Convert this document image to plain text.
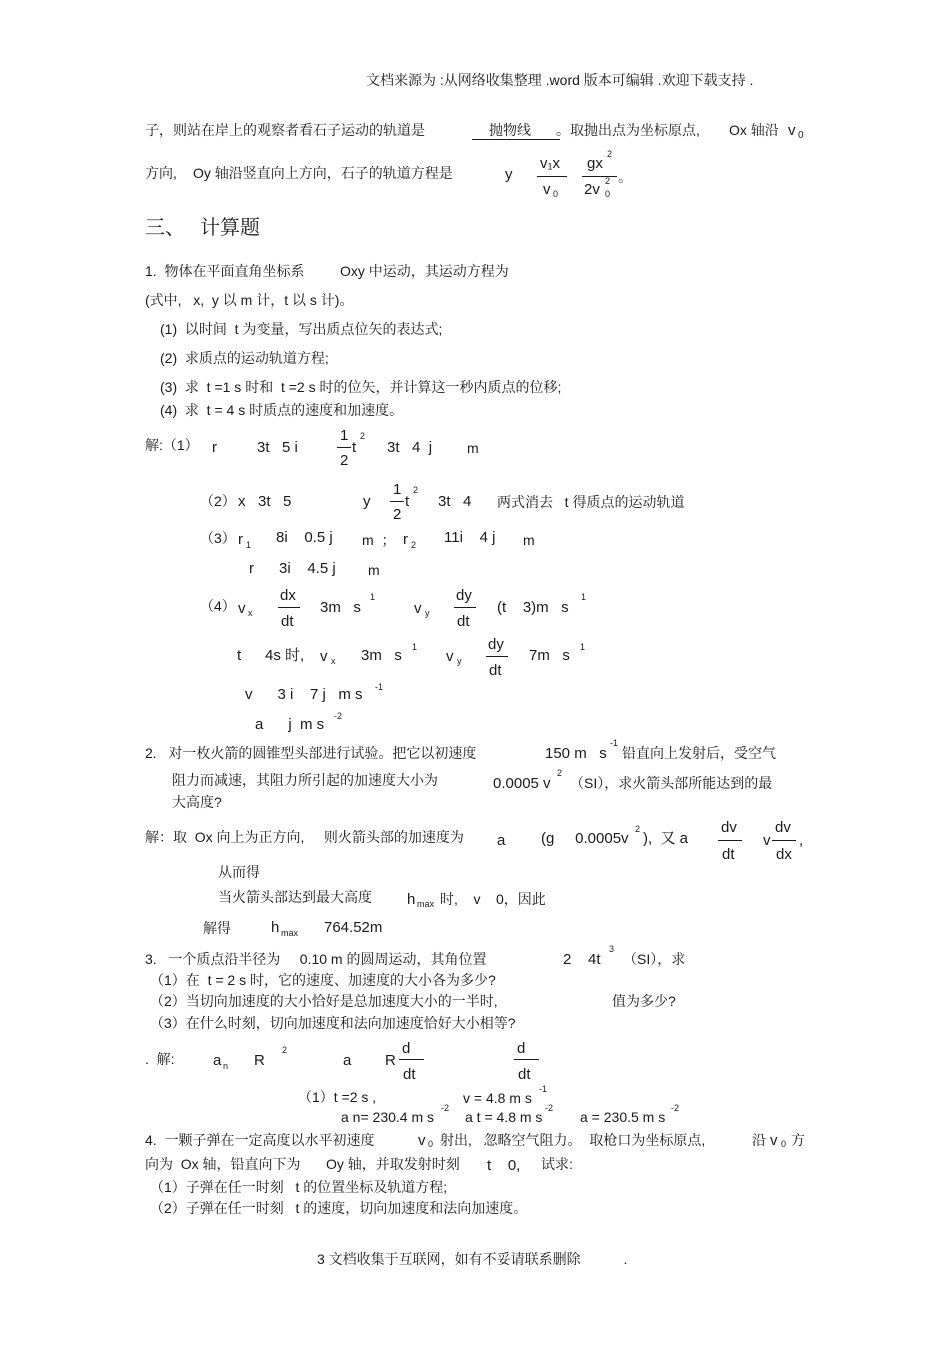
文档来源为 :从网络收集整理 .word 版本可编辑 .欢迎下载支持 .
子，则站在岸上的观察者看石子运动的轨道是	抛物线 。取抛出点为坐标原点, Ox 轴沿 v 0
方向, Oy 轴沿竖直向上方向，石子的轨道方程是	y
v₁x
v 0
gx
2
2v 0
2 。
三、 计算题
1.  物体在平面直角坐标系	Oxy 中运动，其运动方程为
(式中,   x,  y 以 m 计，t 以 s 计)。
(1)  以时间  t 为变量，写出质点位矢的表达式;
(2)  求质点的运动轨道方程;
(3)  求  t =1 s 时和  t =2 s 时的位矢，并计算这一秒内质点的位移;
(4)  求  t = 4 s 时质点的速度和加速度。
解:（1） r	3t   5 i
1
2
t
2
3t   4  j m
（2） x   3t   5	y
1
2
t
2
3t   4 两式消去   t 得质点的运动轨道
（3） r 1 8i    0.5 j m  ； r 2 11i    4 j m
r      3i    4.5 j m
（4） v x
dx
dt
3m   s
1
v y
dy
dt
(t    3)m   s
1
t 4s 时, v x 3m   s 1
v y
dy
dt
7m   s 1
v      3 i    7 j   m s -1
a      j  m s -2
2.   对一枚火箭的圆锥型头部进行试验。把它以初速度	150 m   s
-1
铅直向上发射后，受空气
阻力而减速，其阻力所引起的加速度大小为	0.0005 v
2
（SI），求火箭头部所能达到的最
大高度?
解：取  Ox 向上为正方向,     则火箭头部的加速度为 a (g     0.0005v
2
),  又 a
dv
dt
v
dv
dx
,
从而得
当火箭头部达到最大高度 h max 时,    v    0，因此
解得	h max 764.52m
3.   一个质点沿半径为     0.10 m 的圆周运动，其角位置	2    4t
3
（SI），求
（1）在  t = 2 s 时，它的速度、加速度的大小各为多少?
（2）当切向加速度的大小恰好是总加速度大小的一半时,	值为多少?
（3）在什么时刻，切向加速度和法向加速度恰好大小相等?
.  解:	a n R
2
a R
d
dt
d
dt
（1）t =2 s ,	v = 4.8 m s
-1
a n= 230.4 m s
-2
a t = 4.8 m s
-2
a = 230.5 m s
-2
4.  一颗子弹在一定高度以水平初速度	v 0 射出,   忽略空气阻力。  取枪口为坐标原点,	沿 v 0 方
向为  Ox 轴，铅直向下为 Oy 轴，并取发射时刻 t    0, 试求:
（1）子弹在任一时刻   t 的位置坐标及轨道方程;
（2）子弹在任一时刻   t 的速度，切向加速度和法向加速度。
3 文档收集于互联网，如有不妥请联系删除           .
